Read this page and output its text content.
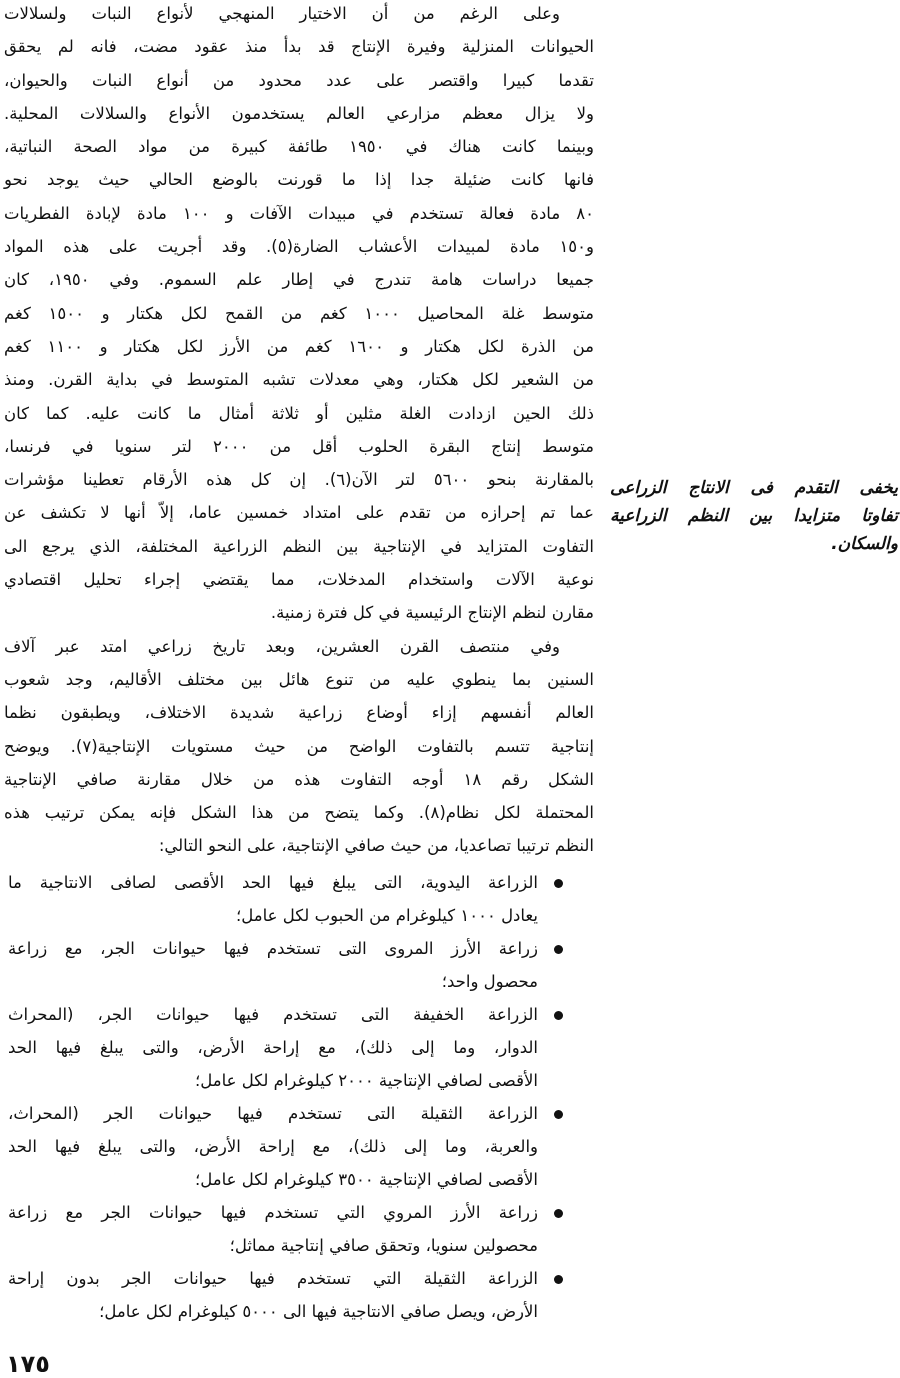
وعلى الرغم من أن الاختيار المنهجي لأنواع النبات ولسلالات
الحيوانات المنزلية وفيرة الإنتاج قد بدأ منذ عقود مضت، فانه لم يحقق
تقدما كبيرا واقتصر على عدد محدود من أنواع النبات والحيوان،
ولا يزال معظم مزارعي العالم يستخدمون الأنواع والسلالات المحلية.
وبينما كانت هناك في ١٩٥٠ طائفة كبيرة من مواد الصحة النباتية،
فانها كانت ضئيلة جدا إذا ما قورنت بالوضع الحالي حيث يوجد نحو
٨٠ مادة فعالة تستخدم في مبيدات الآفات و ١٠٠ مادة لإبادة الفطريات
و١٥٠ مادة لمبيدات الأعشاب الضارة(٥). وقد أجريت على هذه المواد
جميعا دراسات هامة تندرج في إطار علم السموم. وفي ١٩٥٠، كان
متوسط غلة المحاصيل ١٠٠٠ كغم من القمح لكل هكتار و ١٥٠٠ كغم
من الذرة لكل هكتار و ١٦٠٠ كغم من الأرز لكل هكتار و ١١٠٠ كغم
من الشعير لكل هكتار، وهي معدلات تشبه المتوسط في بداية القرن. ومنذ
ذلك الحين ازدادت الغلة مثلين أو ثلاثة أمثال ما كانت عليه. كما كان
متوسط إنتاج البقرة الحلوب أقل من ٢٠٠٠ لتر سنويا في فرنسا،
بالمقارنة بنحو ٥٦٠٠ لتر الآن(٦). إن كل هذه الأرقام تعطينا مؤشرات
عما تم إحرازه من تقدم على امتداد خمسين عاما، إلاّ أنها لا تكشف عن
التفاوت المتزايد في الإنتاجية بين النظم الزراعية المختلفة، الذي يرجع الى
نوعية الآلات واستخدام المدخلات، مما يقتضي إجراء تحليل اقتصادي
مقارن لنظم الإنتاج الرئيسية في كل فترة زمنية.
وفي منتصف القرن العشرين، وبعد تاريخ زراعي امتد عبر آلاف
السنين بما ينطوي عليه من تنوع هائل بين مختلف الأقاليم، وجد شعوب
العالم أنفسهم إزاء أوضاع زراعية شديدة الاختلاف، ويطبقون نظما
إنتاجية تتسم بالتفاوت الواضح من حيث مستويات الإنتاجية(٧). ويوضح
الشكل رقم ١٨ أوجه التفاوت هذه من خلال مقارنة صافي الإنتاجية
المحتملة لكل نظام(٨). وكما يتضح من هذا الشكل فإنه يمكن ترتيب هذه
النظم ترتيبا تصاعديا، من حيث صافي الإنتاجية، على النحو التالي:
الزراعة اليدوية، التى يبلغ فيها الحد الأقصى لصافى الانتاجية ما
يعادل ١٠٠٠ كيلوغرام من الحبوب لكل عامل؛
زراعة الأرز المروى التى تستخدم فيها حيوانات الجر، مع زراعة
محصول واحد؛
الزراعة الخفيفة التى تستخدم فيها حيوانات الجر، (المحراث
الدوار، وما إلى ذلك)، مع إراحة الأرض، والتى يبلغ فيها الحد
الأقصى لصافي الإنتاجية ٢٠٠٠ كيلوغرام لكل عامل؛
الزراعة الثقيلة التى تستخدم فيها حيوانات الجر (المحراث،
والعربة، وما إلى ذلك)، مع إراحة الأرض، والتى يبلغ فيها الحد
الأقصى لصافي الإنتاجية ٣٥٠٠ كيلوغرام لكل عامل؛
زراعة الأرز المروي التي تستخدم فيها حيوانات الجر مع زراعة
محصولين سنويا، وتحقق صافي إنتاجية مماثل؛
الزراعة الثقيلة التي تستخدم فيها حيوانات الجر بدون إراحة
الأرض، ويصل صافي الانتاجية فيها الى ٥٠٠٠ كيلوغرام لكل عامل؛
يخفى التقدم فى الانتاج الزراعى
تفاوتا متزايدا بين النظم الزراعية
والسكان.
١٧٥
